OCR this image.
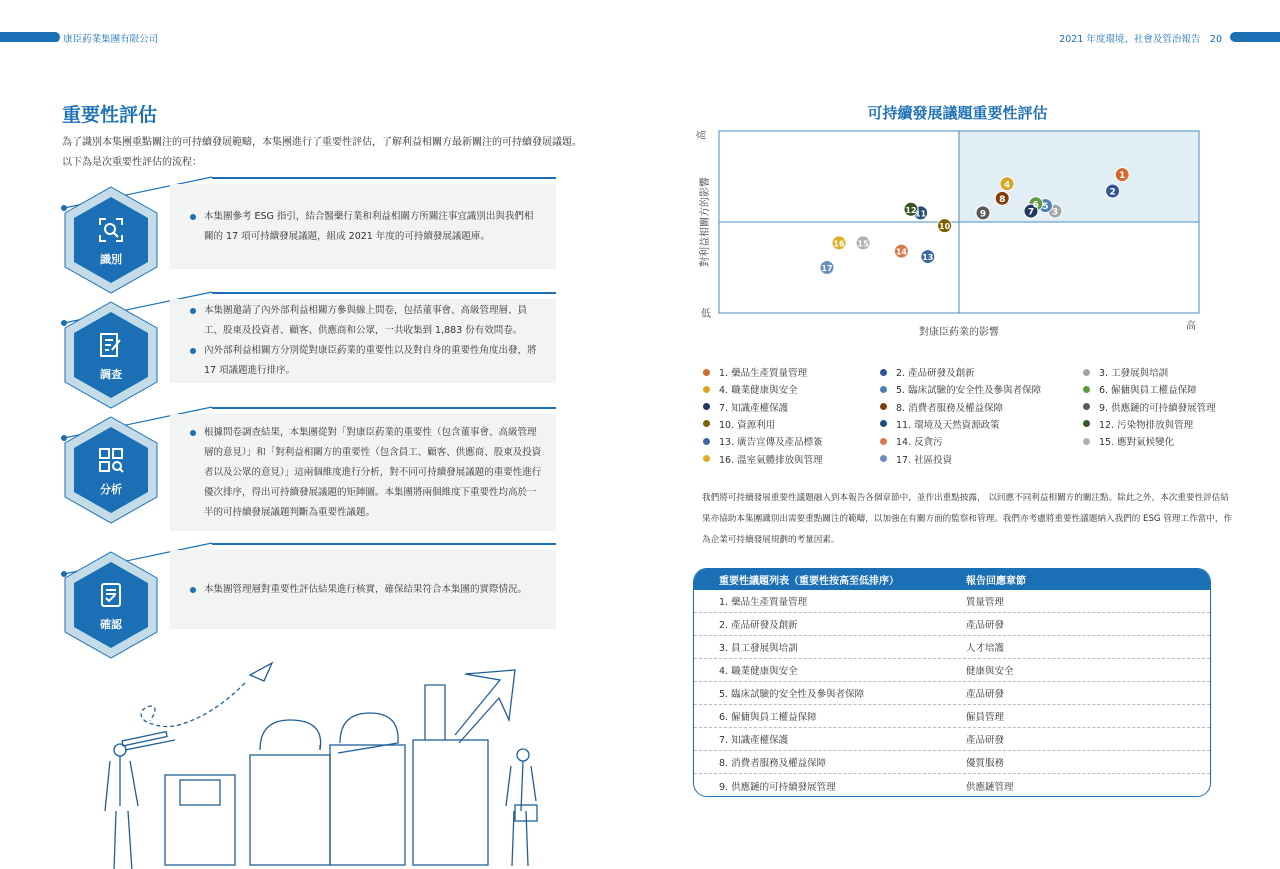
19 康臣葯業集團有限公司	2021 年度環境、社會及管治報告　20
重要性評估
為了識別本集團重點關注的可持續發展範疇，本集團進行了重要性評估，了解利益相關方最新關注的可持續發展議題。以下為是次重要性評估的流程：
識別

本集團參考 ESG 指引，結合醫藥行業和利益相關方所關注事宜識別出與我們相關的 17 項可持續發展議題，組成 2021 年度的可持續發展議題庫。

調查

本集團邀請了內外部利益相關方參與線上問卷，包括董事會、高級管理層、員工、股東及投資者、顧客、供應商和公眾，一共收集到 1,883 份有效問卷。

內外部利益相關方分別從對康臣葯業的重要性以及對自身的重要性角度出發，將 17 項議題進行排序。

分析

根據問卷調查結果，本集團從對「對康臣葯業的重要性（包含董事會、高級管理層的意見）」和「對利益相關方的重要性（包含員工、顧客、供應商、股東及投資者以及公眾的意見）」這兩個維度進行分析，對不同可持續發展議題的重要性進行優次排序，得出可持續發展議題的矩陣圖。本集團將兩個維度下重要性均高於一半的可持續發展議題判斷為重要性議題。

確認

本集團管理層對重要性評估結果進行核實，確保結果符合本集團的實際情況。

可持續發展議題重要性評估
高
低
高
對康臣葯業的影響
對利益相關方的影響
1
2
3
4
5
6
7
8
9
10
11
12
13
14
15
16
17
1. 藥品生產質量管理	2. 產品研發及創新	3. 工發展與培訓
4. 職業健康與安全	5. 臨床試驗的安全性及參與者保障	6. 僱傭與員工權益保障
7. 知識產權保護	8. 消費者服務及權益保障	9. 供應鏈的可持續發展管理
10. 資源利用	11. 環境及天然資源政策	12. 污染物排放與管理
13. 廣告宣傳及產品標簽	14. 反貪污	15. 應對氣候變化
16. 溫室氣體排放與管理	17. 社區投資
我們將可持續發展重要性議題融入到本報告各個章節中，並作出重點披露， 以回應不同利益相關方的關注點。除此之外，本次重要性評估結果亦協助本集團識別出需要重點關注的範疇，以加強在有關方面的監察和管理。我們亦考慮將重要性議題納入我們的 ESG 管理工作當中，作為企業可持續發展規劃的考量因素。
重要性議題列表（重要性按高至低排序）	報告回應章節
1. 藥品生產質量管理	質量管理
2. 產品研發及創新	產品研發
3. 員工發展與培訓	人才培護
4. 職業健康與安全	健康與安全
5. 臨床試驗的安全性及參與者保障	產品研發
6. 僱傭與員工權益保障	僱員管理
7. 知識產權保護	產品研發
8. 消費者服務及權益保障	優質服務
9. 供應鏈的可持續發展管理	供應鏈管理
